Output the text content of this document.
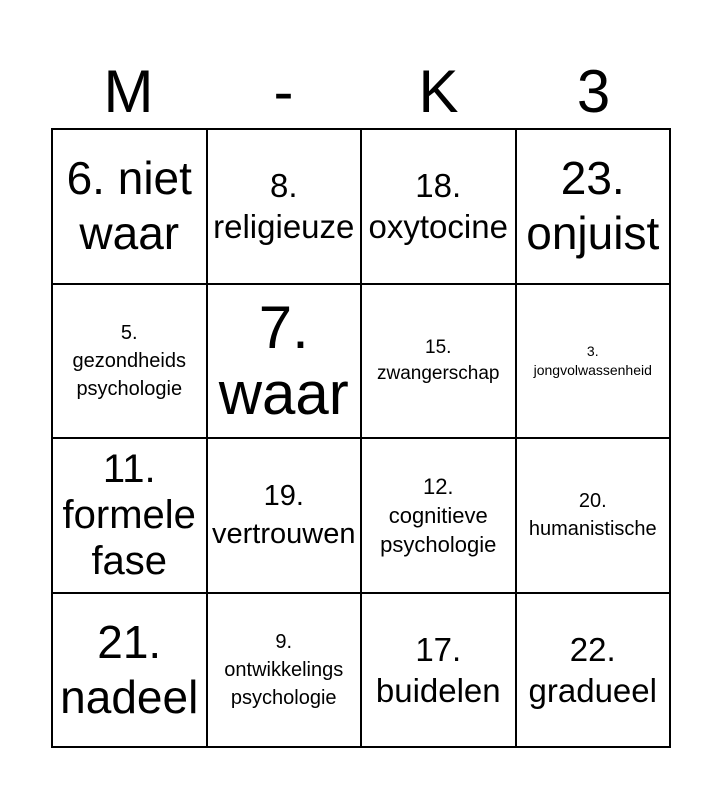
M	-	K	3
6. niet
waar
8.
religieuze
18.
oxytocine
23.
onjuist
5.
gezondheids
psychologie
7.
waar
15.
zwangerschap
3.
jongvolwassenheid
11.
formele
fase
19.
vertrouwen
12.
cognitieve
psychologie
20.
humanistische
21.
nadeel
9.
ontwikkelings
psychologie
17.
buidelen
22.
gradueel
